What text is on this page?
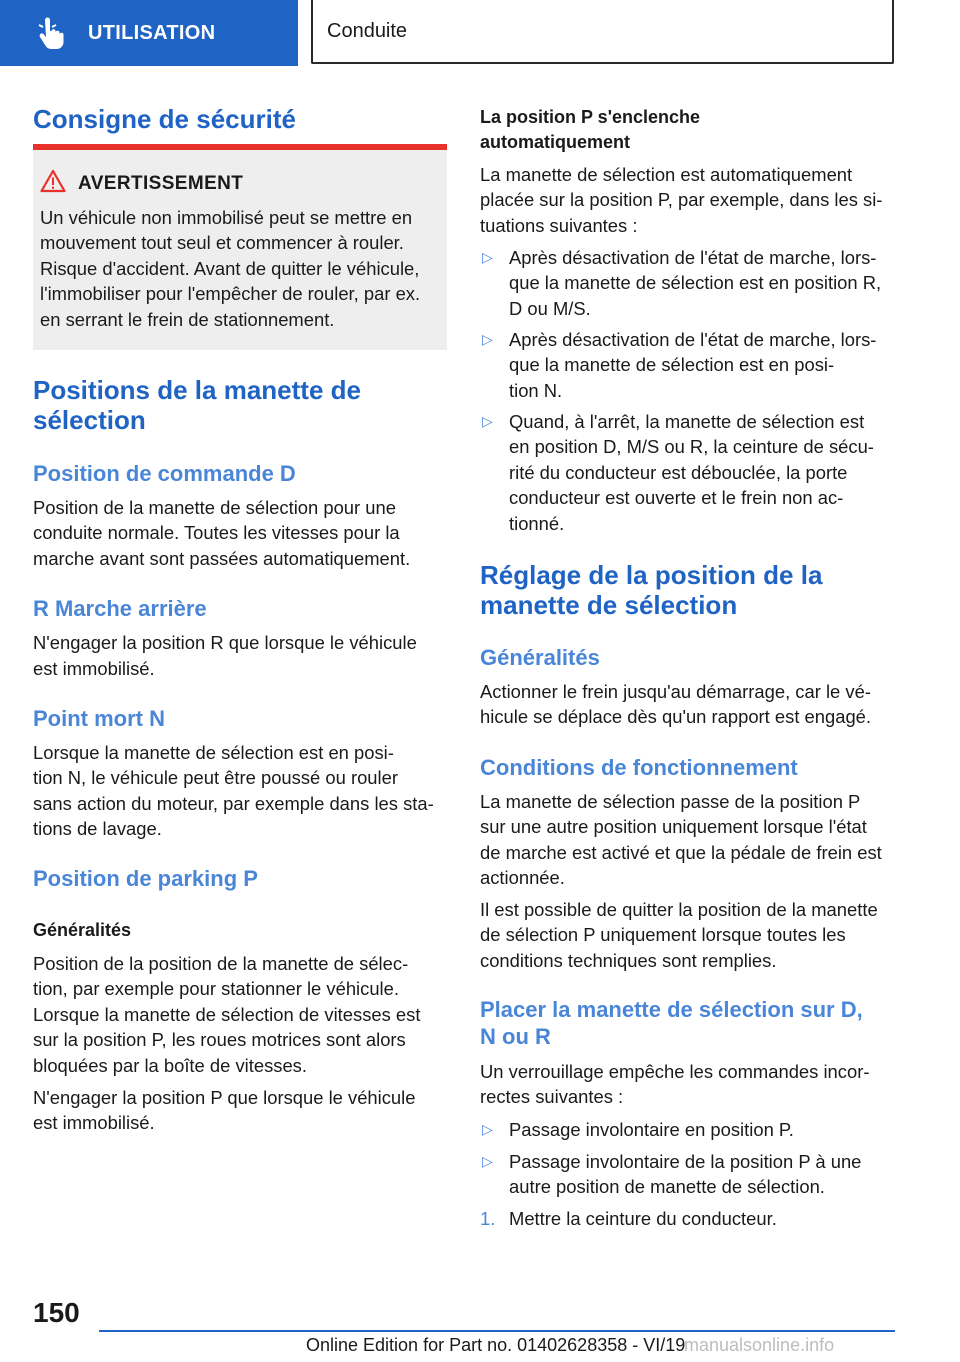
UTILISATION	Conduite
Consigne de sécurité
AVERTISSEMENT

Un véhicule non immobilisé peut se mettre en

mouvement tout seul et commencer à rouler.

Risque d'accident. Avant de quitter le véhicule,

l'immobiliser pour l'empêcher de rouler, par ex.

en serrant le frein de stationnement.

Positions de la manette de
sélection
Position de commande D

Position de la manette de sélection pour une

conduite normale. Toutes les vitesses pour la

marche avant sont passées automatiquement.

R Marche arrière

N'engager la position R que lorsque le véhicule

est immobilisé.

Point mort N

Lorsque la manette de sélection est en posi‐

tion N, le véhicule peut être poussé ou rouler

sans action du moteur, par exemple dans les sta‐

tions de lavage.

Position de parking P
Généralités

Position de la position de la manette de sélec‐

tion, par exemple pour stationner le véhicule.

Lorsque la manette de sélection de vitesses est

sur la position P, les roues motrices sont alors

bloquées par la boîte de vitesses.

N'engager la position P que lorsque le véhicule

est immobilisé.

La position P s'enclenche
automatiquement

La manette de sélection est automatiquement

placée sur la position P, par exemple, dans les si‐

tuations suivantes :

▷ Après désactivation de l'état de marche, lors‐
que la manette de sélection est en position R,
D ou M/S.
▷ Après désactivation de l'état de marche, lors‐
que la manette de sélection est en posi‐
tion N.
▷ Quand, à l'arrêt, la manette de sélection est
en position D, M/S ou R, la ceinture de sécu‐
rité du conducteur est débouclée, la porte
conducteur est ouverte et le frein non ac‐
tionné.
Réglage de la position de la
manette de sélection
Généralités

Actionner le frein jusqu'au démarrage, car le vé‐

hicule se déplace dès qu'un rapport est engagé.

Conditions de fonctionnement

La manette de sélection passe de la position P

sur une autre position uniquement lorsque l'état

de marche est activé et que la pédale de frein est

actionnée.

Il est possible de quitter la position de la manette

de sélection P uniquement lorsque toutes les

conditions techniques sont remplies.

Placer la manette de sélection sur D,
N ou R

Un verrouillage empêche les commandes incor‐

rectes suivantes :

▷ Passage involontaire en position P.
▷ Passage involontaire de la position P à une
autre position de manette de sélection.
1. Mettre la ceinture du conducteur.
150
Online Edition for Part no. 01402628358 - VI/19
manualsonline.info
